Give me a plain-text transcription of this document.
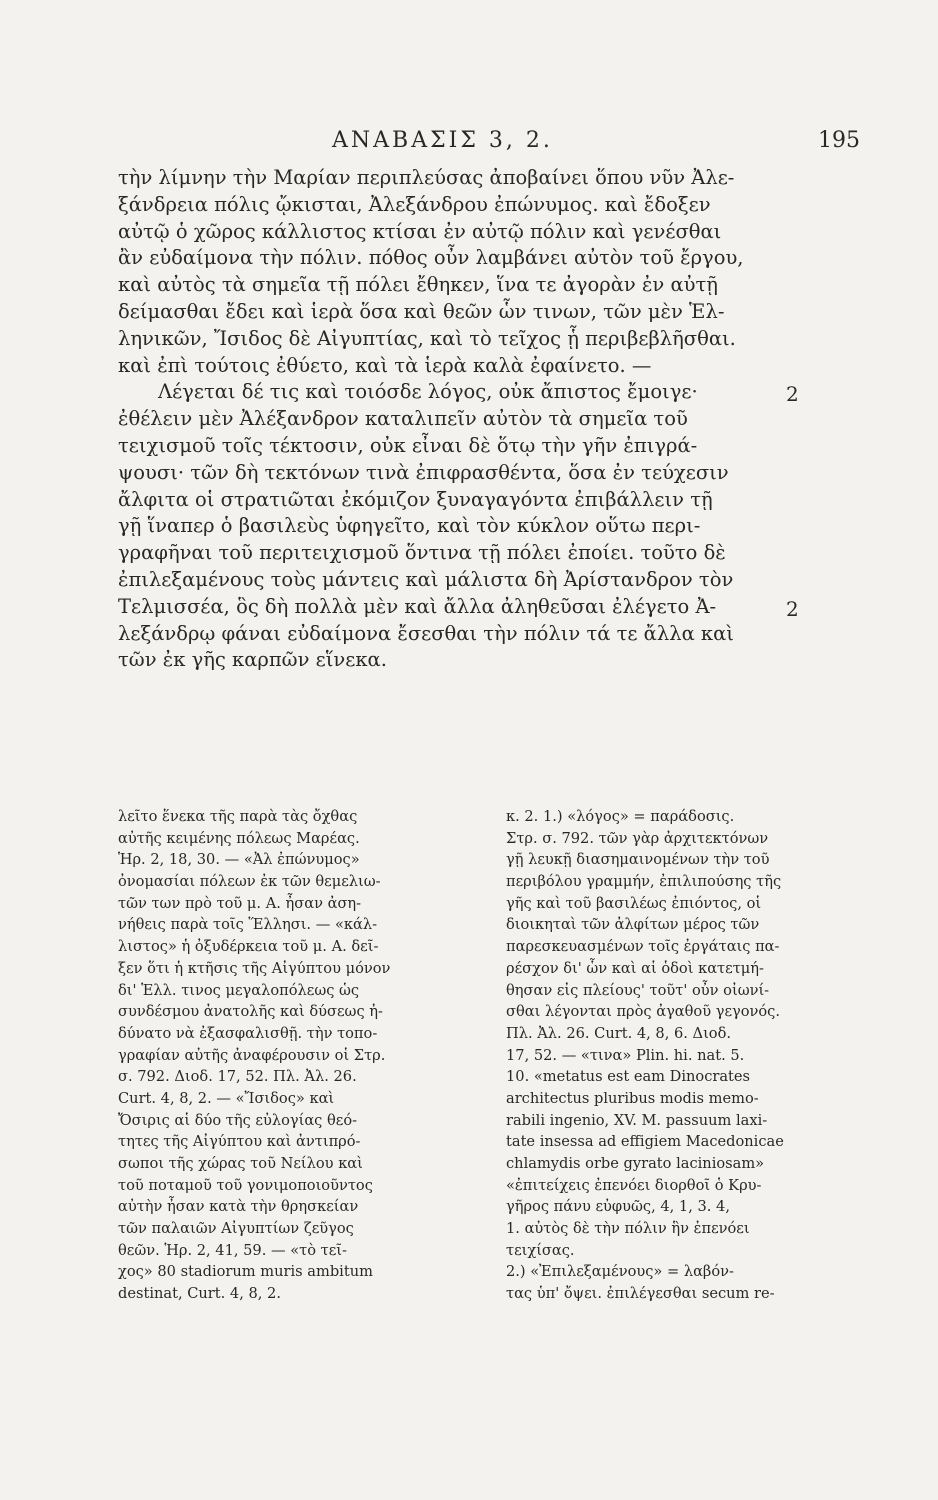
ΑΝΑΒΑΣΙΣ 3, 2.	195
τὴν λίμνην τὴν Μαρίαν περιπλεύσας ἀποβαίνει ὅπου νῦν Ἀλε-
ξάνδρεια πόλις ᾤκισται, Ἀλεξάνδρου ἐπώνυμος. καὶ ἔδοξεν
αὐτῷ ὁ χῶρος κάλλιστος κτίσαι ἐν αὐτῷ πόλιν καὶ γενέσθαι
ἂν εὐδαίμονα τὴν πόλιν. πόθος οὖν λαμβάνει αὐτὸν τοῦ ἔργου,
καὶ αὐτὸς τὰ σημεῖα τῇ πόλει ἔθηκεν, ἵνα τε ἀγορὰν ἐν αὐτῇ
δείμασθαι ἔδει καὶ ἱερὰ ὅσα καὶ θεῶν ὧν τινων, τῶν μὲν Ἑλ-
ληνικῶν, Ἴσιδος δὲ Αἰγυπτίας, καὶ τὸ τεῖχος ᾗ περιβεβλῆσθαι.
καὶ ἐπὶ τούτοις ἐθύετο, καὶ τὰ ἱερὰ καλὰ ἐφαίνετο. —
Λέγεται δέ τις καὶ τοιόσδε λόγος, οὐκ ἄπιστος ἔμοιγε·
ἐθέλειν μὲν Ἀλέξανδρον καταλιπεῖν αὐτὸν τὰ σημεῖα τοῦ
τειχισμοῦ τοῖς τέκτοσιν, οὐκ εἶναι δὲ ὅτῳ τὴν γῆν ἐπιγρά-
ψουσι· τῶν δὴ τεκτόνων τινὰ ἐπιφρασθέντα, ὅσα ἐν τεύχεσιν
ἄλφιτα οἱ στρατιῶται ἐκόμιζον ξυναγαγόντα ἐπιβάλλειν τῇ
γῇ ἵναπερ ὁ βασιλεὺς ὑφηγεῖτο, καὶ τὸν κύκλον οὕτω περι-
γραφῆναι τοῦ περιτειχισμοῦ ὅντινα τῇ πόλει ἐποίει. τοῦτο δὲ
ἐπιλεξαμένους τοὺς μάντεις καὶ μάλιστα δὴ Ἀρίστανδρον τὸν
Τελμισσέα, ὃς δὴ πολλὰ μὲν καὶ ἄλλα ἀληθεῦσαι ἐλέγετο Ἀ-
λεξάνδρῳ φάναι εὐδαίμονα ἔσεσθαι τὴν πόλιν τά τε ἄλλα καὶ
τῶν ἐκ γῆς καρπῶν εἵνεκα.
2
2
λεῖτο ἕνεκα τῆς παρὰ τὰς ὄχθας
αὐτῆς κειμένης πόλεως Μαρέας.
Ἡρ. 2, 18, 30. — «Ἀλ ἐπώνυμος»
ὀνομασίαι πόλεων ἐκ τῶν θεμελιω-
τῶν των πρὸ τοῦ μ. Α. ἦσαν ἀση-
νήθεις παρὰ τοῖς Ἕλλησι. — «κάλ-
λιστος» ἡ ὀξυδέρκεια τοῦ μ. Α. δεῖ-
ξεν ὅτι ἡ κτῆσις τῆς Αἰγύπτου μόνον
δι' Ἑλλ. τινος μεγαλοπόλεως ὡς
συνδέσμου ἀνατολῆς καὶ δύσεως ἠ-
δύνατο νὰ ἐξασφαλισθῇ. τὴν τοπο-
γραφίαν αὐτῆς ἀναφέρουσιν οἱ Στρ.
σ. 792. Διοδ. 17, 52. Πλ. Ἀλ. 26.
Curt. 4, 8, 2. — «Ἴσιδος» καὶ
Ὄσιρις αἱ δύο τῆς εὐλογίας θεό-
τητες τῆς Αἰγύπτου καὶ ἀντιπρό-
σωποι τῆς χώρας τοῦ Νείλου καὶ
τοῦ ποταμοῦ τοῦ γονιμοποιοῦντος
αὐτὴν ἦσαν κατὰ τὴν θρησκείαν
τῶν παλαιῶν Αἰγυπτίων ζεῦγος
θεῶν. Ἡρ. 2, 41, 59. — «τὸ τεῖ-
χος» 80 stadiorum muris ambitum
destinat, Curt. 4, 8, 2.
κ. 2. 1.) «λόγος» = παράδοσις.
Στρ. σ. 792. τῶν γὰρ ἀρχιτεκτόνων
γῇ λευκῇ διασημαινομένων τὴν τοῦ
περιβόλου γραμμήν, ἐπιλιπούσης τῆς
γῆς καὶ τοῦ βασιλέως ἐπιόντος, οἱ
διοικηταὶ τῶν ἀλφίτων μέρος τῶν
παρεσκευασμένων τοῖς ἐργάταις πα-
ρέσχον δι' ὧν καὶ αἱ ὁδοὶ κατετμή-
θησαν εἰς πλείους' τοῦτ' οὖν οἰωνί-
σθαι λέγονται πρὸς ἀγαθοῦ γεγονός.
Πλ. Ἀλ. 26. Curt. 4, 8, 6. Διοδ.
17, 52. — «τινα» Plin. hi. nat. 5.
10. «metatus est eam Dinocrates
architectus pluribus modis memo-
rabili ingenio, XV. M. passuum laxi-
tate insessa ad effigiem Macedonicae
chlamydis orbe gyrato laciniosam»
«ἐπιτείχεις ἐπενόει διορθοῖ ὁ Κρυ-
γῆρος πάνυ εὐφυῶς, 4, 1, 3. 4,
1. αὐτὸς δὲ τὴν πόλιν ἣν ἐπενόει
τειχίσας.
2.) «Ἐπιλεξαμένους» = λαβόν-
τας ὑπ' ὄψει. ἐπιλέγεσθαι secum re-
